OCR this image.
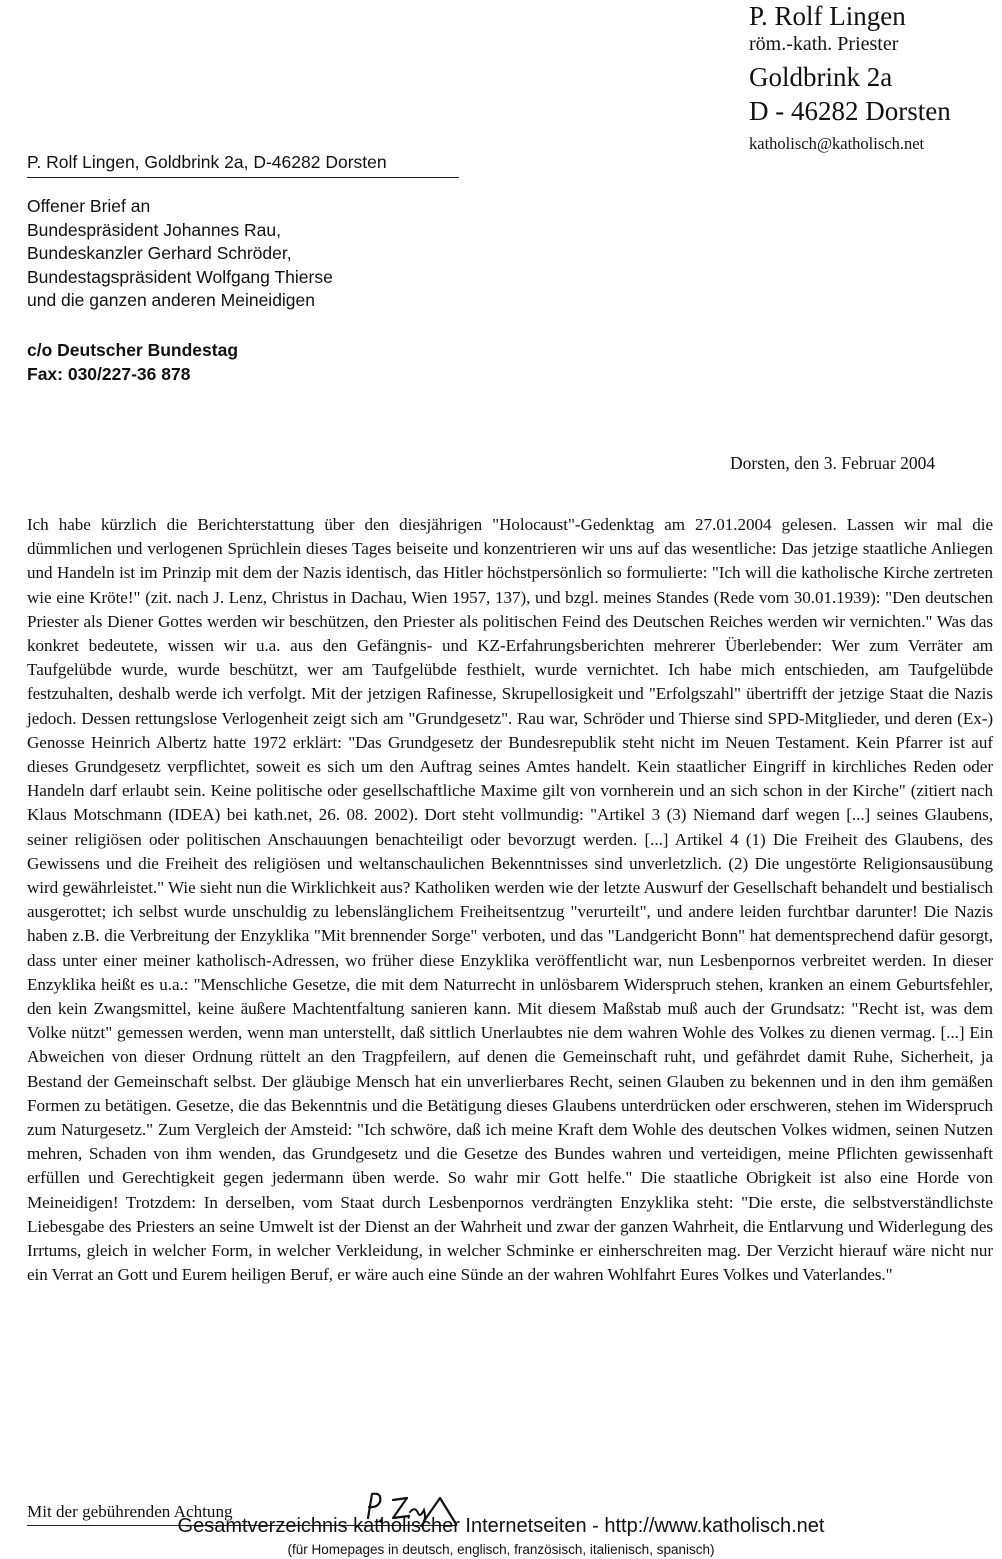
P. Rolf Lingen
röm.-kath. Priester
Goldbrink 2a
D - 46282 Dorsten
katholisch@katholisch.net
P. Rolf Lingen, Goldbrink 2a, D-46282 Dorsten
Offener Brief an
Bundespräsident Johannes Rau,
Bundeskanzler Gerhard Schröder,
Bundestagspräsident Wolfgang Thierse
und die ganzen anderen Meineidigen
c/o Deutscher Bundestag
Fax: 030/227-36 878
Dorsten, den 3. Februar 2004

Ich habe kürzlich die Berichterstattung über den diesjährigen "Holocaust"-Gedenktag am 27.01.2004 gelesen. Lassen wir mal die dümmlichen und verlogenen Sprüchlein dieses Tages beiseite und konzentrieren wir uns auf das wesentliche: Das jetzige staatliche Anliegen und Handeln ist im Prinzip mit dem der Nazis identisch, das Hitler höchstpersönlich so formulierte: "Ich will die katholische Kirche zertreten wie eine Kröte!" (zit. nach J. Lenz, Christus in Dachau, Wien 1957, 137), und bzgl. meines Standes (Rede vom 30.01.1939): "Den deutschen Priester als Diener Gottes werden wir beschützen, den Priester als politischen Feind des Deutschen Reiches werden wir vernichten." Was das konkret bedeutete, wissen wir u.a. aus den Gefängnis- und KZ-Erfahrungsberichten mehrerer Überlebender: Wer zum Verräter am Taufgelübde wurde, wurde beschützt, wer am Taufgelübde festhielt, wurde vernichtet. Ich habe mich entschieden, am Taufgelübde festzuhalten, deshalb werde ich verfolgt. Mit der jetzigen Rafinesse, Skrupellosigkeit und "Erfolgszahl" übertrifft der jetzige Staat die Nazis jedoch. Dessen rettungslose Verlogenheit zeigt sich am "Grundgesetz". Rau war, Schröder und Thierse sind SPD-Mitglieder, und deren (Ex-) Genosse Heinrich Albertz hatte 1972 erklärt: "Das Grundgesetz der Bundesrepublik steht nicht im Neuen Testament. Kein Pfarrer ist auf dieses Grundgesetz verpflichtet, soweit es sich um den Auftrag seines Amtes handelt. Kein staatlicher Eingriff in kirchliches Reden oder Handeln darf erlaubt sein. Keine politische oder gesellschaftliche Maxime gilt von vornherein und an sich schon in der Kirche" (zitiert nach Klaus Motschmann (IDEA) bei kath.net, 26. 08. 2002). Dort steht vollmundig: "Artikel 3 (3) Niemand darf wegen [...] seines Glaubens, seiner religiösen oder politischen Anschauungen benachteiligt oder bevorzugt werden. [...] Artikel 4 (1) Die Freiheit des Glaubens, des Gewissens und die Freiheit des religiösen und weltanschaulichen Bekenntnisses sind unverletzlich. (2) Die ungestörte Religionsausübung wird gewährleistet." Wie sieht nun die Wirklichkeit aus? Katholiken werden wie der letzte Auswurf der Gesellschaft behandelt und bestialisch ausgerottet; ich selbst wurde unschuldig zu lebenslänglichem Freiheitsentzug "verurteilt", und andere leiden furchtbar darunter! Die Nazis haben z.B. die Verbreitung der Enzyklika "Mit brennender Sorge" verboten, und das "Landgericht Bonn" hat dementsprechend dafür gesorgt, dass unter einer meiner katholisch-Adressen, wo früher diese Enzyklika veröffentlicht war, nun Lesbenpornos verbreitet werden. In dieser Enzyklika heißt es u.a.: "Menschliche Gesetze, die mit dem Naturrecht in unlösbarem Widerspruch stehen, kranken an einem Geburtsfehler, den kein Zwangsmittel, keine äußere Machtentfaltung sanieren kann. Mit diesem Maßstab muß auch der Grundsatz: "Recht ist, was dem Volke nützt" gemessen werden, wenn man unterstellt, daß sittlich Unerlaubtes nie dem wahren Wohle des Volkes zu dienen vermag. [...] Ein Abweichen von dieser Ordnung rüttelt an den Tragpfeilern, auf denen die Gemeinschaft ruht, und gefährdet damit Ruhe, Sicherheit, ja Bestand der Gemeinschaft selbst. Der gläubige Mensch hat ein unverlierbares Recht, seinen Glauben zu bekennen und in den ihm gemäßen Formen zu betätigen. Gesetze, die das Bekenntnis und die Betätigung dieses Glaubens unterdrücken oder erschweren, stehen im Widerspruch zum Naturgesetz." Zum Vergleich der Amsteid: "Ich schwöre, daß ich meine Kraft dem Wohle des deutschen Volkes widmen, seinen Nutzen mehren, Schaden von ihm wenden, das Grundgesetz und die Gesetze des Bundes wahren und verteidigen, meine Pflichten gewissenhaft erfüllen und Gerechtigkeit gegen jedermann üben werde. So wahr mir Gott helfe." Die staatliche Obrigkeit ist also eine Horde von Meineidigen! Trotzdem: In derselben, vom Staat durch Lesbenpornos verdrängten Enzyklika steht: "Die erste, die selbstverständlichste Liebesgabe des Priesters an seine Umwelt ist der Dienst an der Wahrheit und zwar der ganzen Wahrheit, die Entlarvung und Widerlegung des Irrtums, gleich in welcher Form, in welcher Verkleidung, in welcher Schminke er einherschreiten mag. Der Verzicht hierauf wäre nicht nur ein Verrat an Gott und Eurem heiligen Beruf, er wäre auch eine Sünde an der wahren Wohlfahrt Eures Volkes und Vaterlandes."

Mit der gebührenden Achtung
Gesamtverzeichnis katholischer Internetseiten - http://www.katholisch.net
(für Homepages in deutsch, englisch, französisch, italienisch, spanisch)
